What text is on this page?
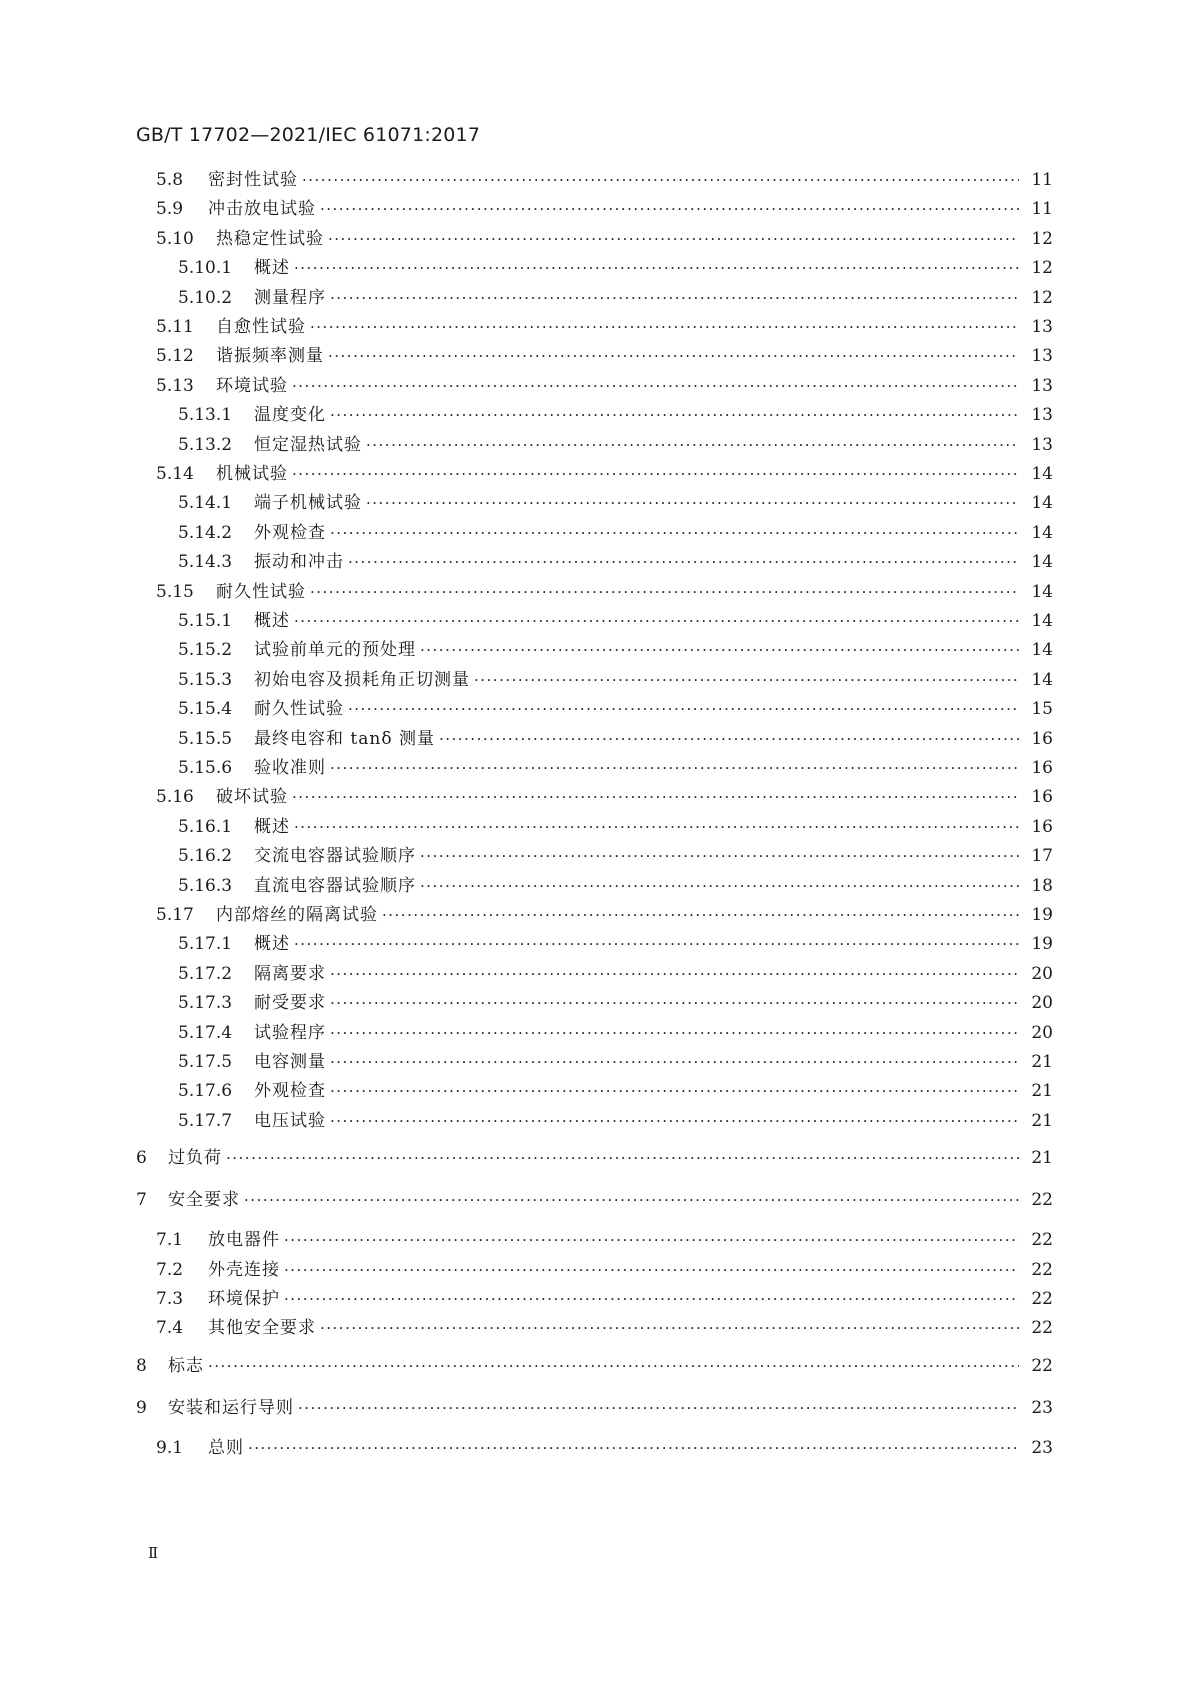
GB/T 17702—2021/IEC 61071:2017
5.8	密封性试验 ·····	11
5.9	冲击放电试验 ·····	11
5.10	热稳定性试验 ·····	12
5.10.1	概述 ·····	12
5.10.2	测量程序 ·····	12
5.11	自愈性试验 ·····	13
5.12	谐振频率测量 ·····	13
5.13	环境试验 ·····	13
5.13.1	温度变化 ·····	13
5.13.2	恒定湿热试验 ·····	13
5.14	机械试验 ·····	14
5.14.1	端子机械试验 ·····	14
5.14.2	外观检查 ·····	14
5.14.3	振动和冲击 ·····	14
5.15	耐久性试验 ·····	14
5.15.1	概述 ·····	14
5.15.2	试验前单元的预处理 ·····	14
5.15.3	初始电容及损耗角正切测量 ·····	14
5.15.4	耐久性试验 ·····	15
5.15.5	最终电容和 tanδ 测量 ·····	16
5.15.6	验收准则 ·····	16
5.16	破坏试验 ·····	16
5.16.1	概述 ·····	16
5.16.2	交流电容器试验顺序 ·····	17
5.16.3	直流电容器试验顺序 ·····	18
5.17	内部熔丝的隔离试验 ·····	19
5.17.1	概述 ·····	19
5.17.2	隔离要求 ·····	20
5.17.3	耐受要求 ·····	20
5.17.4	试验程序 ·····	20
5.17.5	电容测量 ·····	21
5.17.6	外观检查 ·····	21
5.17.7	电压试验 ·····	21
6	过负荷 ·····	21
7	安全要求 ·····	22
7.1	放电器件 ·····	22
7.2	外壳连接 ·····	22
7.3	环境保护 ·····	22
7.4	其他安全要求 ·····	22
8	标志 ·····	22
9	安装和运行导则 ·····	23
9.1	总则 ·····	23
Ⅱ
